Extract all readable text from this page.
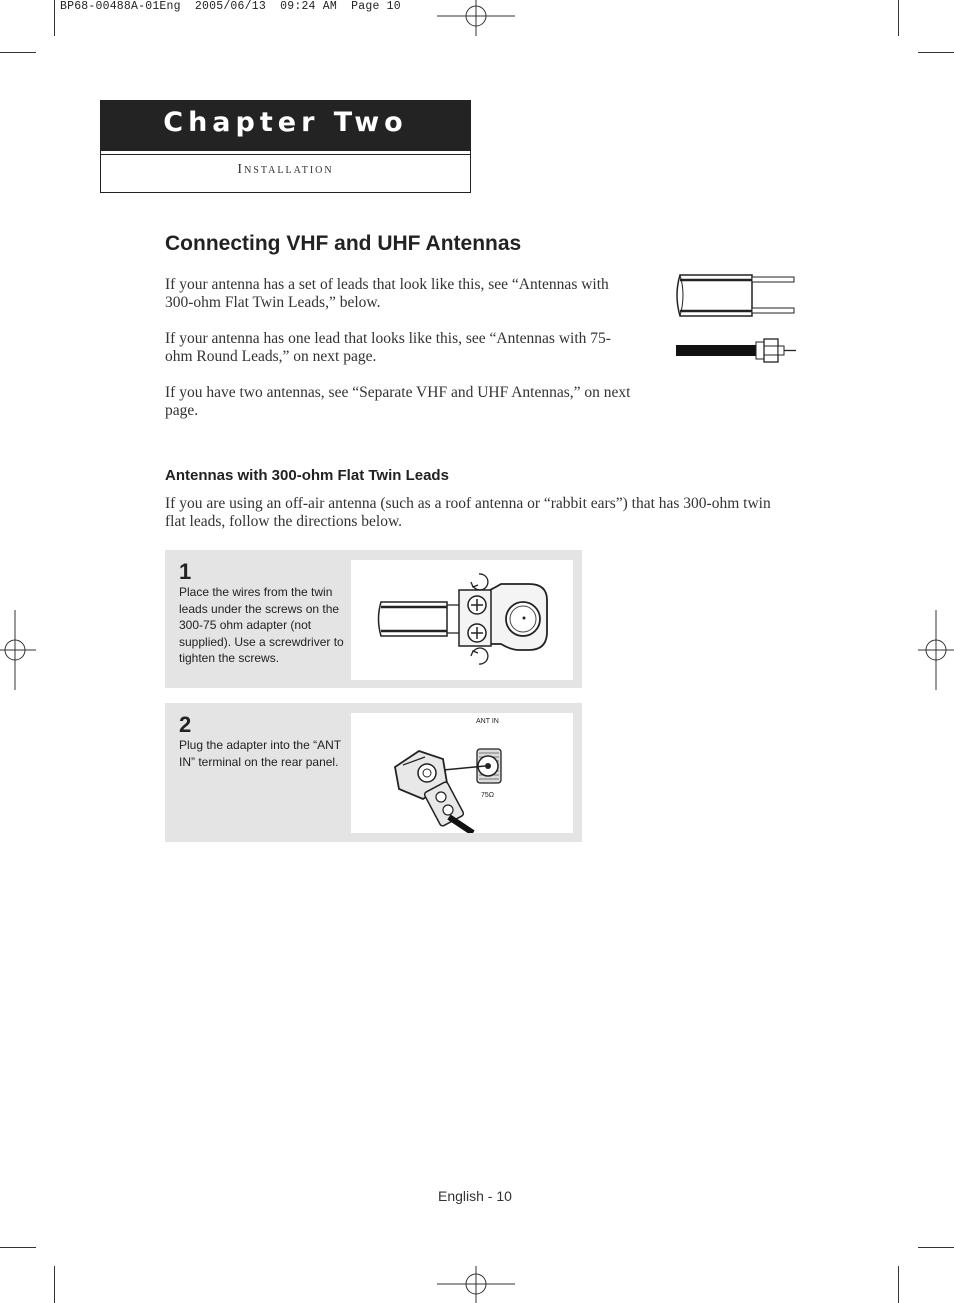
BP68-00488A-01Eng  2005/06/13  09:24 AM  Page 10
Chapter Two
Installation
Connecting VHF and UHF Antennas

If your antenna has a set of leads that look like this, see “Antennas with 300-ohm Flat Twin Leads,” below.

If your antenna has one lead that looks like this, see “Antennas with 75-ohm Round Leads,” on next page.

If you have two antennas, see “Separate VHF and UHF Antennas,” on next page.

Antennas with 300-ohm Flat Twin Leads

If you are using an off-air antenna (such as a roof antenna or “rabbit ears”) that has 300-ohm twin flat leads, follow the directions below.

1
Place the wires from the twin leads under the screws on the 300-75 ohm adapter (not supplied). Use a screwdriver to tighten the screws.
2
Plug the adapter into the “ANT IN” terminal on the rear panel.
ANT IN
75Ω
English - 10
